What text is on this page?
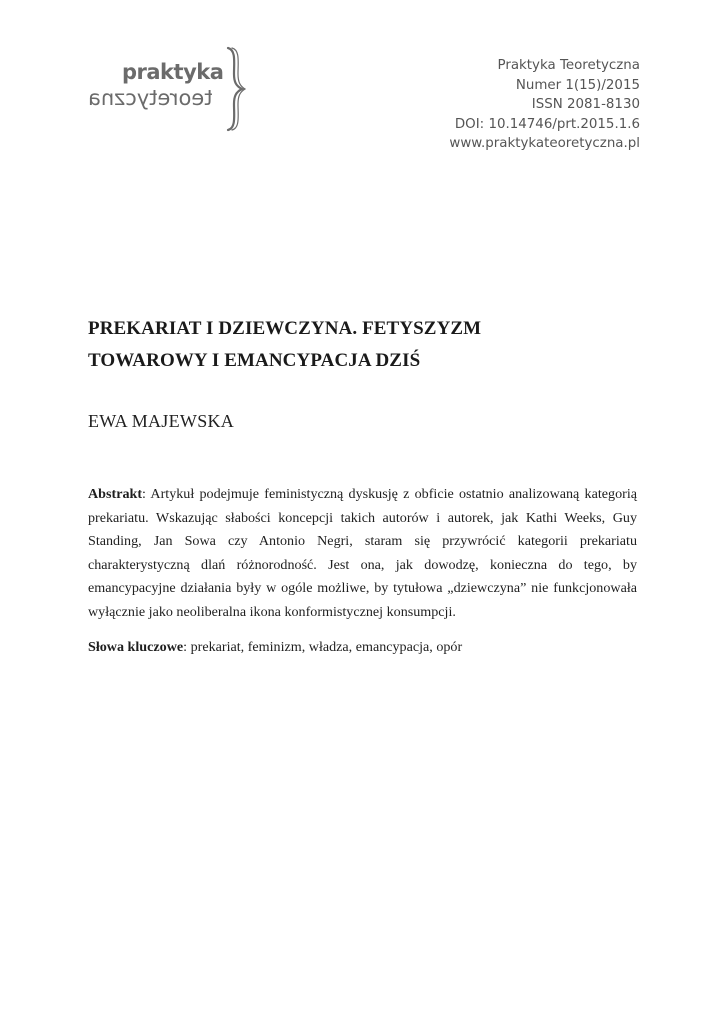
praktyka
teoretyczna
Praktyka Teoretyczna
Numer 1(15)/2015
ISSN 2081-8130
DOI: 10.14746/prt.2015.1.6
www.praktykateoretyczna.pl
PREKARIAT I DZIEWCZYNA. FETYSZYZM
TOWAROWY I EMANCYPACJA DZIŚ
EWA MAJEWSKA
Abstrakt: Artykuł podejmuje feministyczną dyskusję z obficie ostatnio analizowaną kategorią
prekariatu. Wskazując słabości koncepcji takich autorów i autorek, jak Kathi Weeks, Guy
Standing, Jan Sowa czy Antonio Negri, staram się przywrócić kategorii prekariatu
charakterystyczną dlań różnorodność. Jest ona, jak dowodzę, konieczna do tego, by
emancypacyjne działania były w ogóle możliwe, by tytułowa „dziewczyna” nie funkcjonowała
wyłącznie jako neoliberalna ikona konformistycznej konsumpcji.
Słowa kluczowe: prekariat, feminizm, władza, emancypacja, opór
